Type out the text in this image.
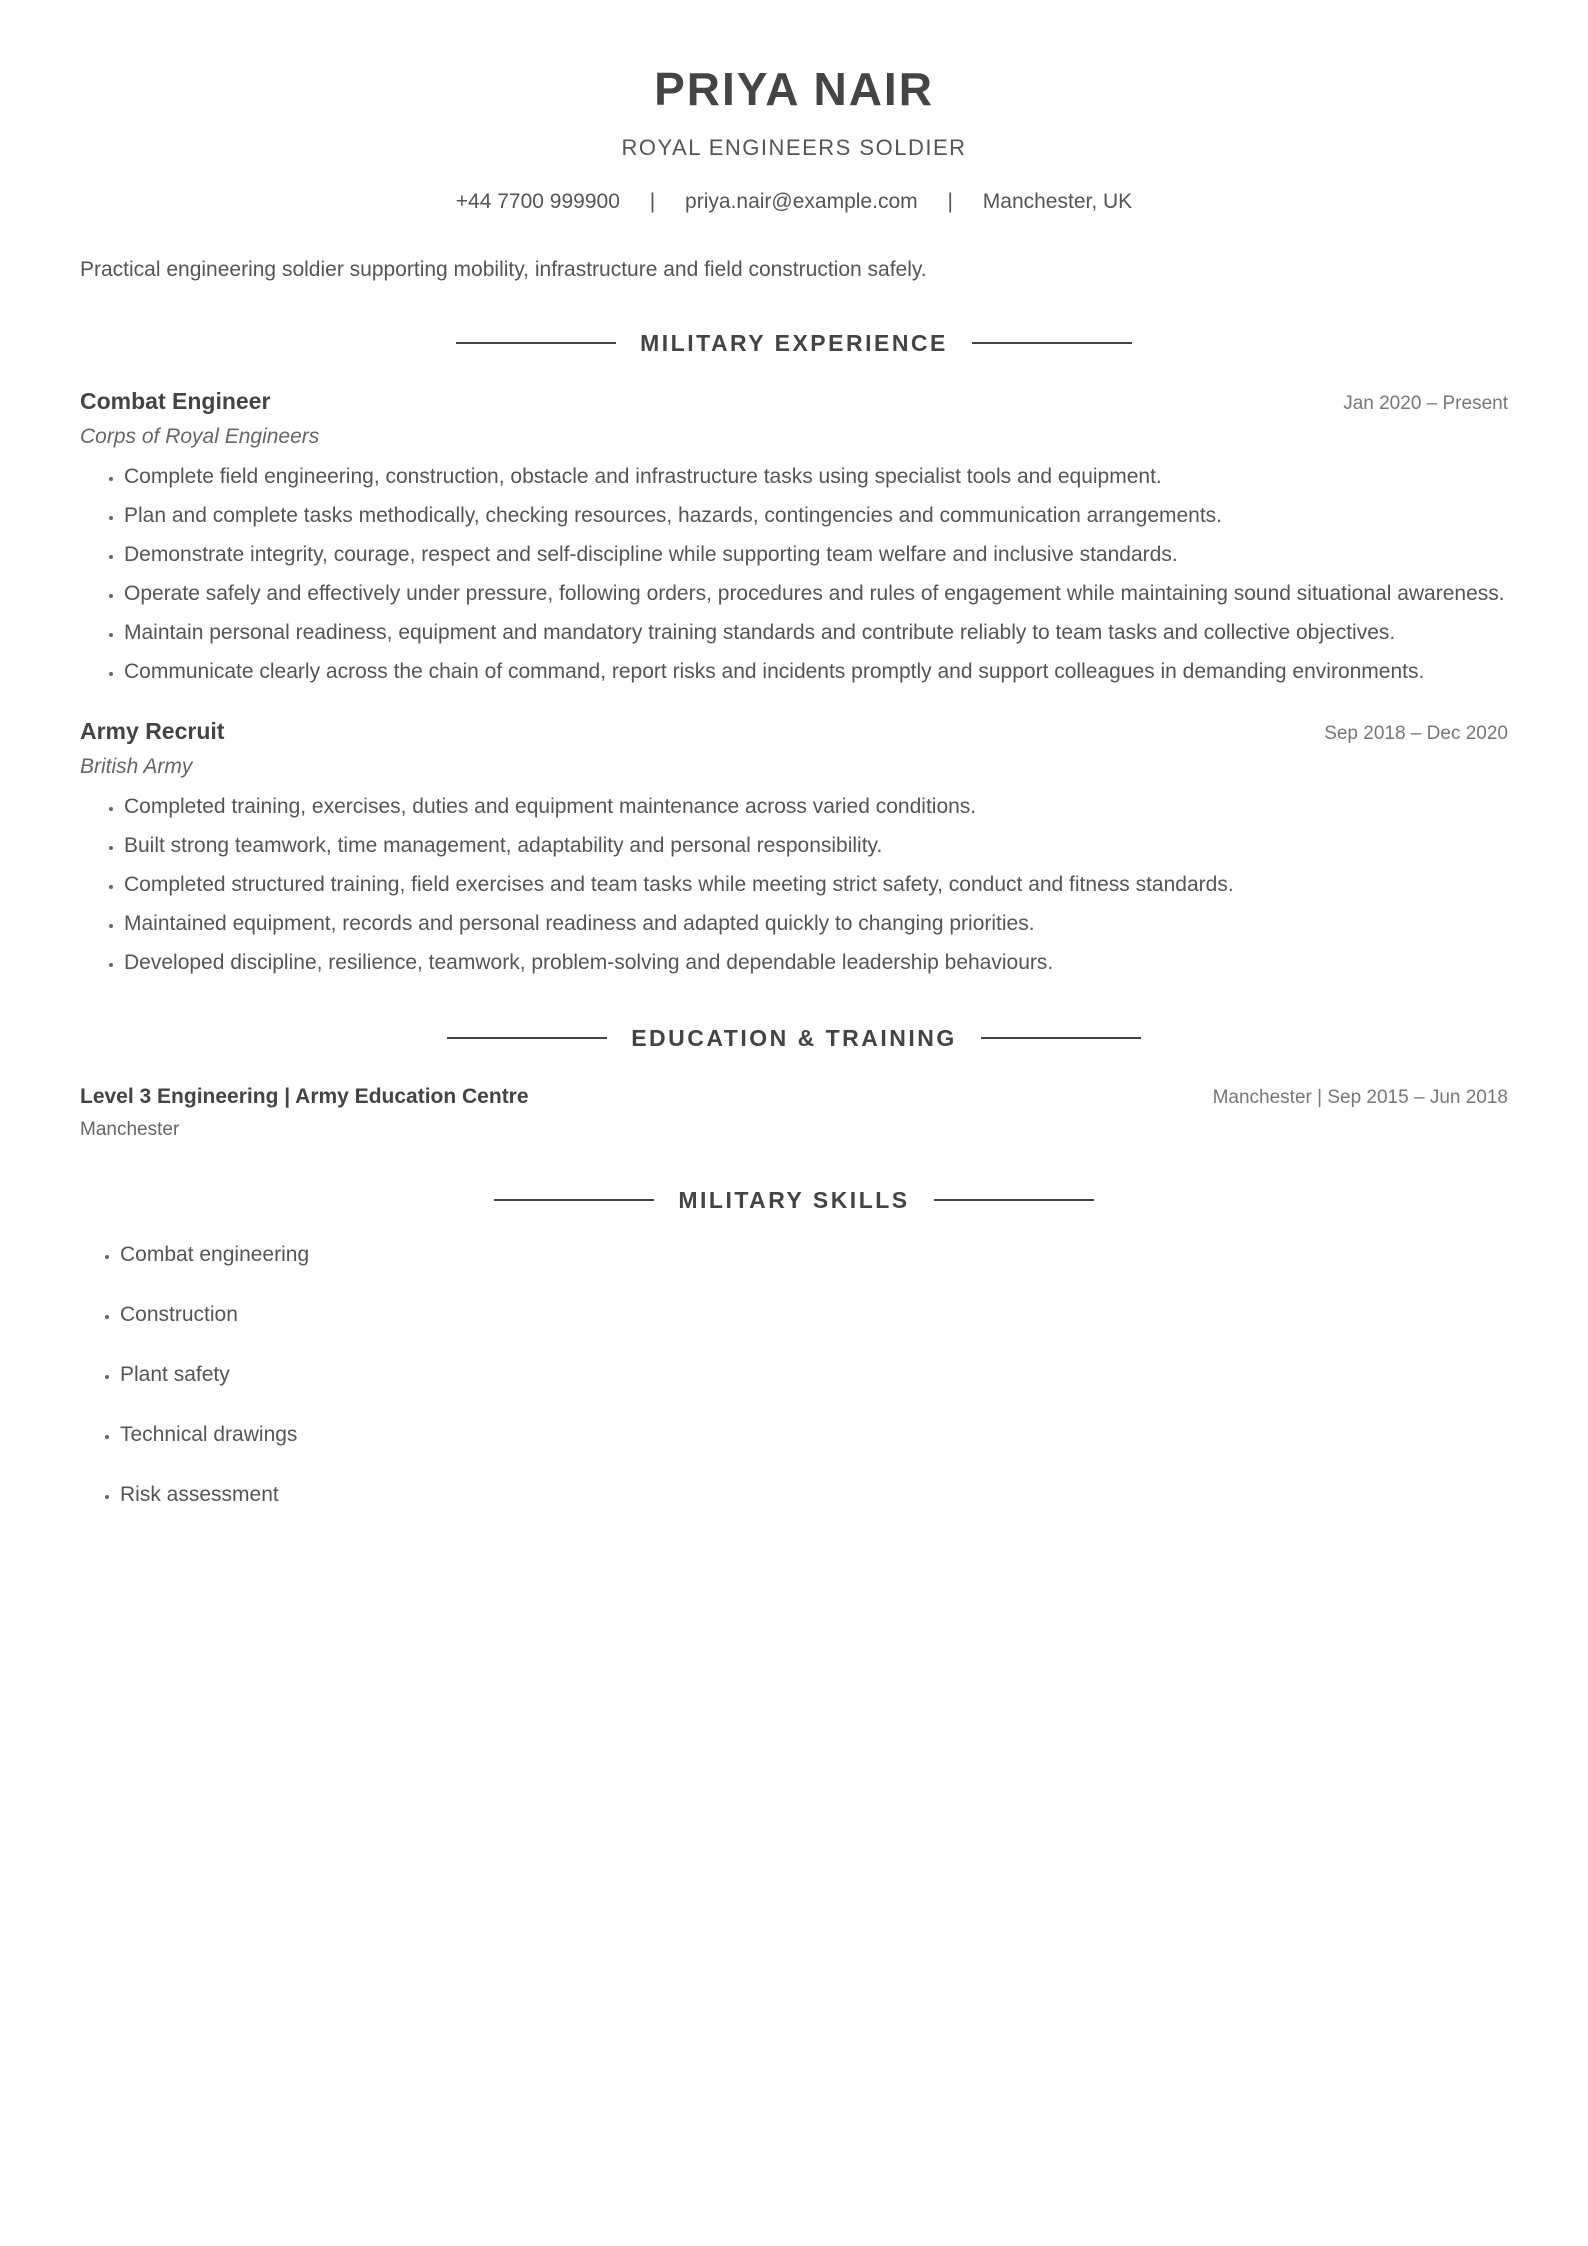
PRIYA NAIR
ROYAL ENGINEERS SOLDIER
+44 7700 999900 | priya.nair@example.com | Manchester, UK
Practical engineering soldier supporting mobility, infrastructure and field construction safely.
MILITARY EXPERIENCE
Combat Engineer	Jan 2020 – Present
Corps of Royal Engineers
• Complete field engineering, construction, obstacle and infrastructure tasks using specialist tools and equipment.
• Plan and complete tasks methodically, checking resources, hazards, contingencies and communication arrangements.
• Demonstrate integrity, courage, respect and self-discipline while supporting team welfare and inclusive standards.
• Operate safely and effectively under pressure, following orders, procedures and rules of engagement while maintaining sound situational awareness.
• Maintain personal readiness, equipment and mandatory training standards and contribute reliably to team tasks and collective objectives.
• Communicate clearly across the chain of command, report risks and incidents promptly and support colleagues in demanding environments.
Army Recruit	Sep 2018 – Dec 2020
British Army
• Completed training, exercises, duties and equipment maintenance across varied conditions.
• Built strong teamwork, time management, adaptability and personal responsibility.
• Completed structured training, field exercises and team tasks while meeting strict safety, conduct and fitness standards.
• Maintained equipment, records and personal readiness and adapted quickly to changing priorities.
• Developed discipline, resilience, teamwork, problem-solving and dependable leadership behaviours.
EDUCATION & TRAINING
Level 3 Engineering | Army Education Centre	Manchester | Sep 2015 – Jun 2018
Manchester
MILITARY SKILLS
• Combat engineering
• Construction
• Plant safety
• Technical drawings
• Risk assessment
